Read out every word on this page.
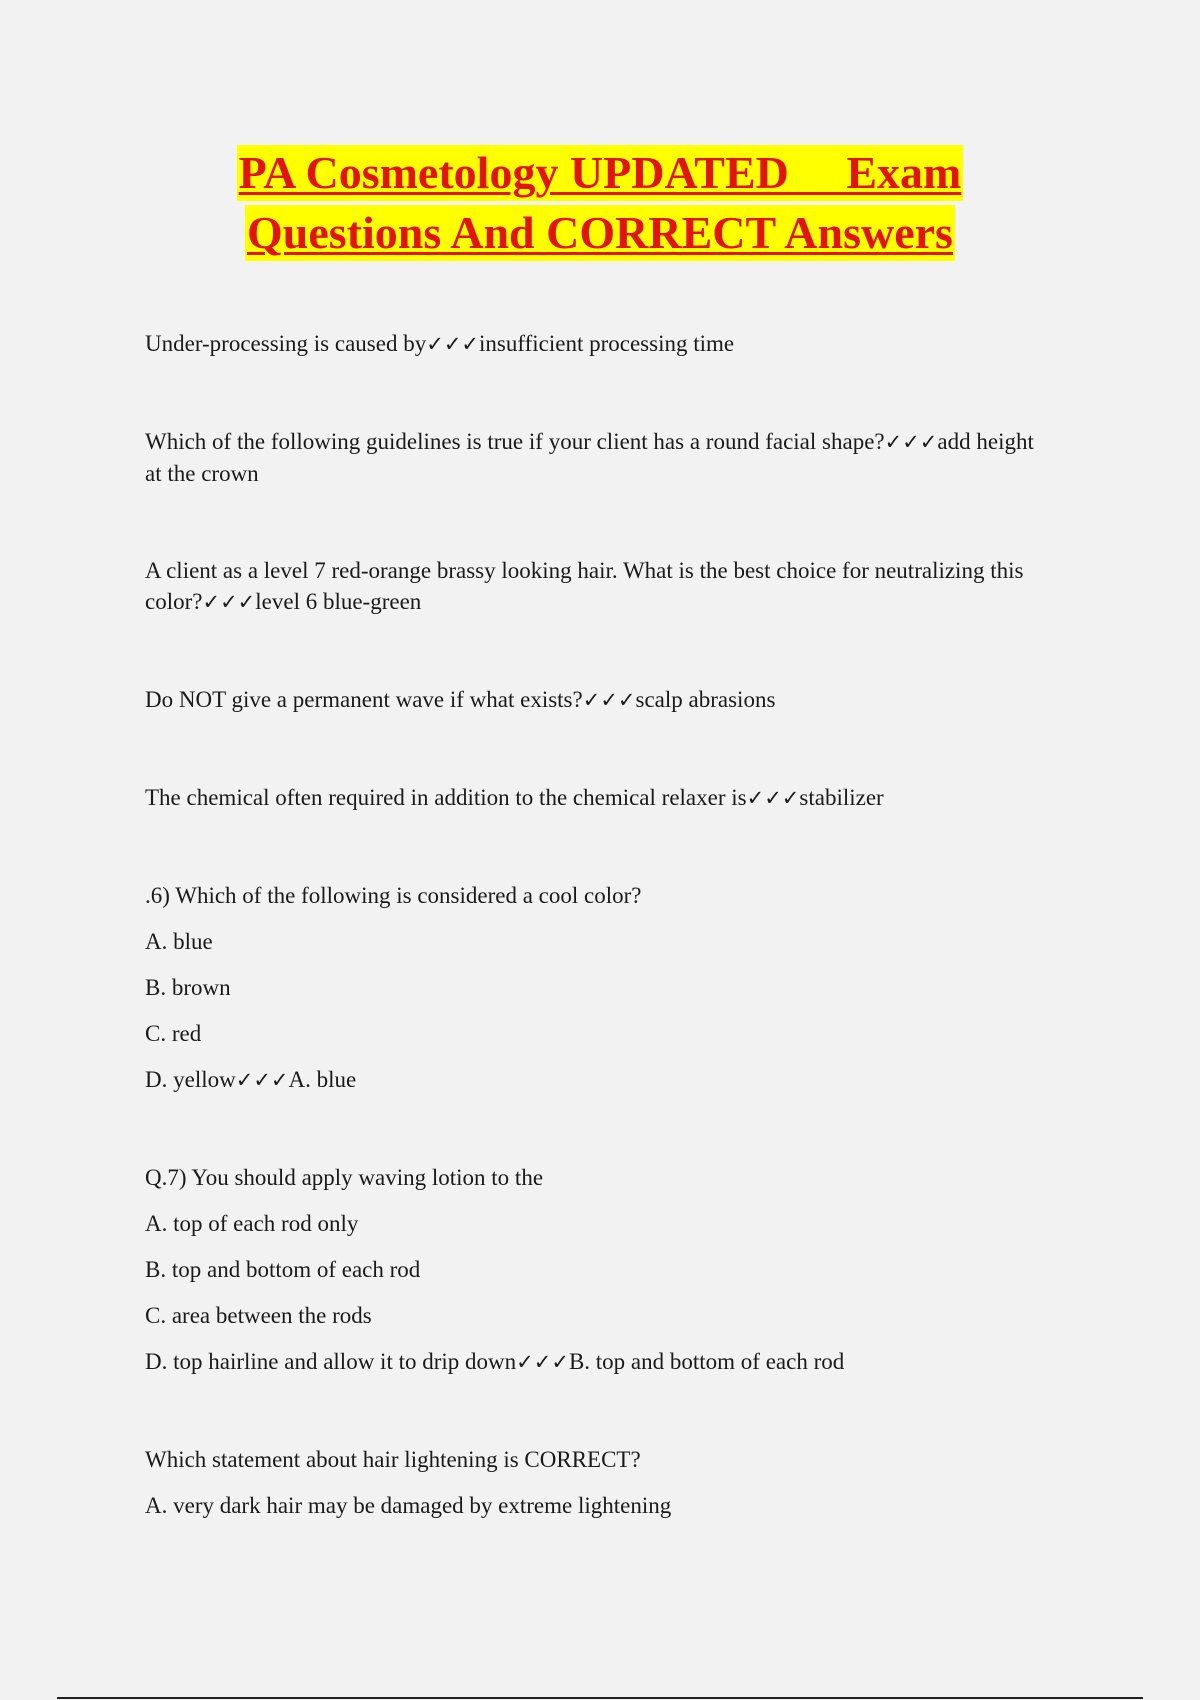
PA Cosmetology UPDATED     Exam
Questions And CORRECT Answers

Under-processing is caused by✓✓✓insufficient processing time

Which of the following guidelines is true if your client has a round facial shape?✓✓✓add height at the crown

A client as a level 7 red-orange brassy looking hair. What is the best choice for neutralizing this color?✓✓✓level 6 blue-green

Do NOT give a permanent wave if what exists?✓✓✓scalp abrasions

The chemical often required in addition to the chemical relaxer is✓✓✓stabilizer

.6) Which of the following is considered a cool color?

A. blue

B. brown

C. red

D. yellow✓✓✓A. blue

Q.7) You should apply waving lotion to the

A. top of each rod only

B. top and bottom of each rod

C. area between the rods

D. top hairline and allow it to drip down✓✓✓B. top and bottom of each rod

Which statement about hair lightening is CORRECT?

A. very dark hair may be damaged by extreme lightening
